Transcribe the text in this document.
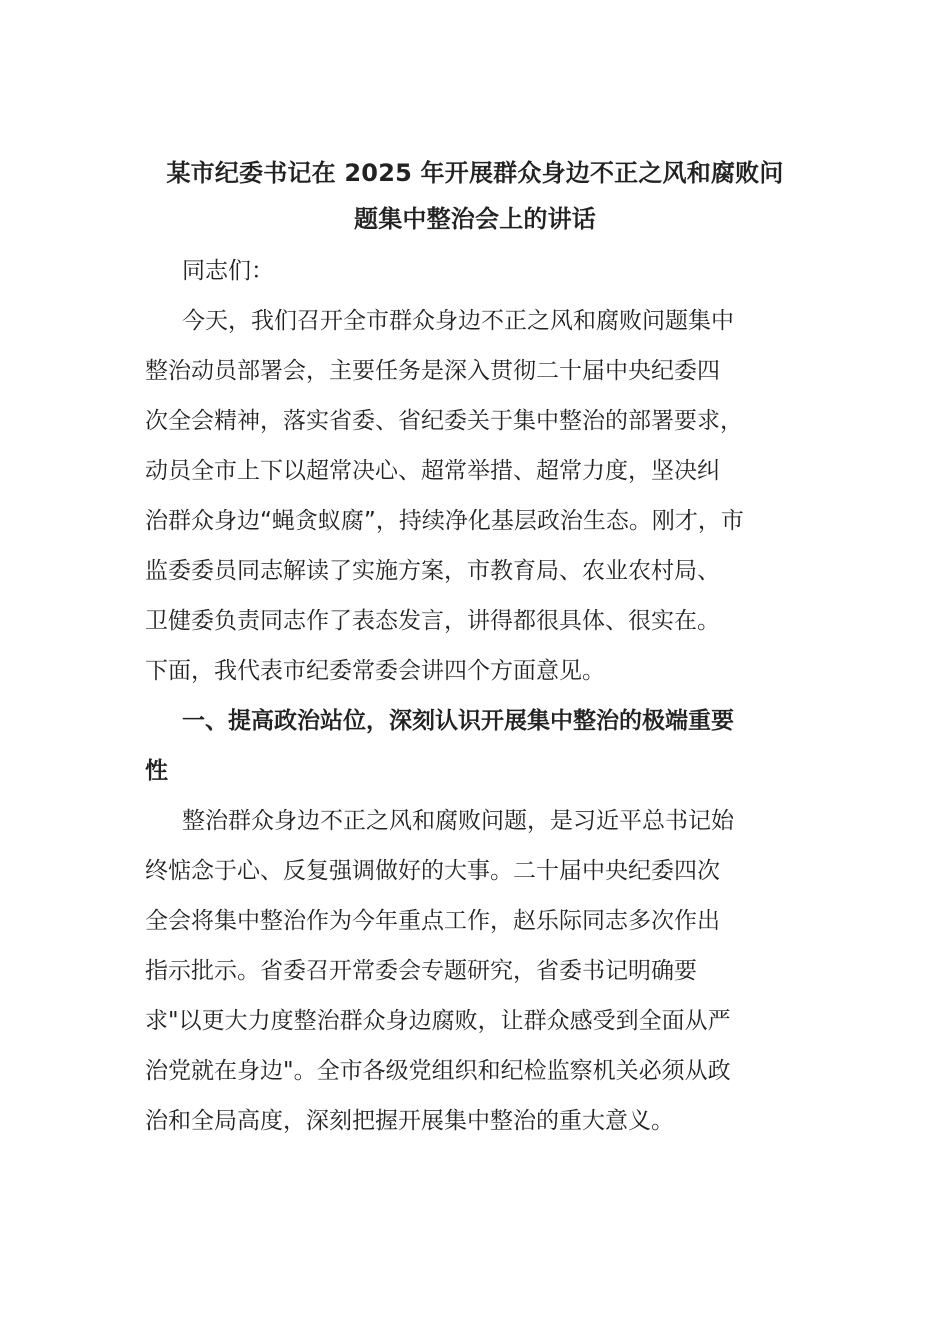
某市纪委书记在 2025 年开展群众身边不正之风和腐败问
题集中整治会上的讲话
同志们：
今天，我们召开全市群众身边不正之风和腐败问题集中
整治动员部署会，主要任务是深入贯彻二十届中央纪委四
次全会精神，落实省委、省纪委关于集中整治的部署要求，
动员全市上下以超常决心、超常举措、超常力度，坚决纠
治群众身边“蝇贪蚁腐”，持续净化基层政治生态。刚才，市
监委委员同志解读了实施方案，市教育局、农业农村局、
卫健委负责同志作了表态发言，讲得都很具体、很实在。
下面，我代表市纪委常委会讲四个方面意见。
一、提高政治站位，深刻认识开展集中整治的极端重要
性
整治群众身边不正之风和腐败问题，是习近平总书记始
终惦念于心、反复强调做好的大事。二十届中央纪委四次
全会将集中整治作为今年重点工作，赵乐际同志多次作出
指示批示。省委召开常委会专题研究，省委书记明确要
求"以更大力度整治群众身边腐败，让群众感受到全面从严
治党就在身边"。全市各级党组织和纪检监察机关必须从政
治和全局高度，深刻把握开展集中整治的重大意义。
